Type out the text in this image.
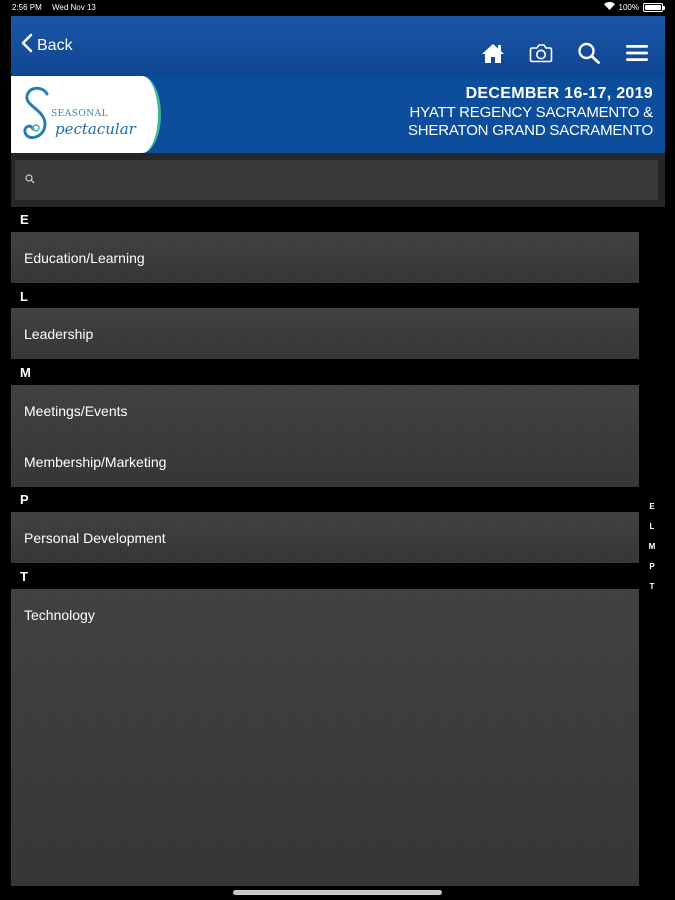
2:56 PM Wed Nov 13	100%
Back
SEASONAL
pectacular
DECEMBER 16-17, 2019
HYATT REGENCY SACRAMENTO &
SHERATON GRAND SACRAMENTO
E
Education/Learning
L
Leadership
M
Meetings/Events
Membership/Marketing
P
Personal Development
T
Technology
E
L
M
P
T
